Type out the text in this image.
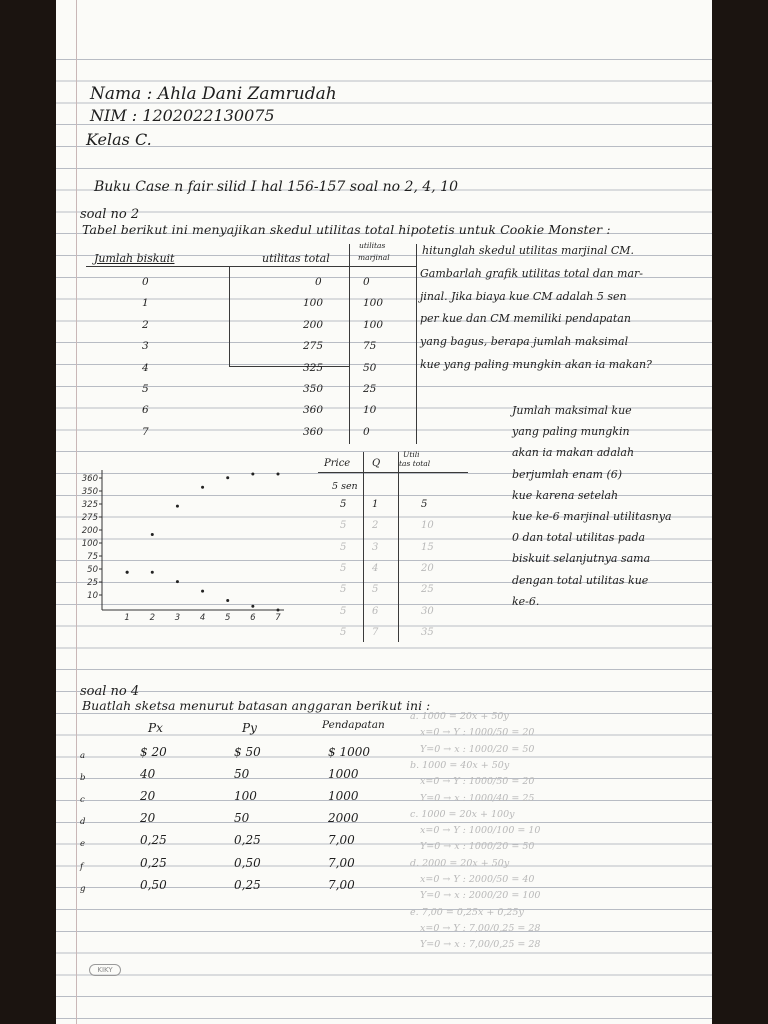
Nama : Ahla Dani Zamrudah
NIM : 1202022130075
Kelas C.
Buku Case n fair silid I hal 156-157 soal no 2, 4, 10
soal no 2
Tabel berikut ini menyajikan skedul utilitas total hipotetis untuk Cookie Monster :
Jumlah biskuit	utilitas total
utilitas
marjinal
0	0	0
1	100	100
2	200	100
3	275	75
4	325	50
5	350	25
6	360	10
7	360	0
hitunglah skedul utilitas marjinal CM.
Gambarlah grafik utilitas total dan mar-
jinal. Jika biaya kue CM adalah 5 sen
per kue dan CM memiliki pendapatan
yang bagus, berapa jumlah maksimal
kue yang paling mungkin akan ia makan?
Jumlah maksimal kue
yang paling mungkin
akan ia makan adalah
berjumlah enam (6)
kue karena setelah
kue ke-6 marjinal utilitasnya
0 dan total utilitas pada
biskuit selanjutnya sama
dengan total utilitas kue
ke-6.
Price Q
Utili
tas total
5 sen
5	1	5
5	2	10
5	3	15
5	4	20
5	5	25
5	6	30
5	7	35
360
350
325
275
200
100
75
50
25
10
1 2 3 4 5 6 7
soal no 4
Buatlah sketsa menurut batasan anggaran berikut ini :
Px	Py	Pendapatan
a	$ 20	$ 50	$ 1000
b	40	50	1000
c	20	100	1000
d	20	50	2000
e	0,25	0,25	7,00
f	0,25	0,50	7,00
g	0,50	0,25	7,00
a. 1000 = 20x + 50y
x=0 → Y : 1000/50 = 20
Y=0 → x : 1000/20 = 50
b. 1000 = 40x + 50y
x=0 → Y : 1000/50 = 20
Y=0 → x : 1000/40 = 25
c. 1000 = 20x + 100y
x=0 → Y : 1000/100 = 10
Y=0 → x : 1000/20 = 50
d. 2000 = 20x + 50y
x=0 → Y : 2000/50 = 40
Y=0 → x : 2000/20 = 100
e. 7,00 = 0,25x + 0,25y
x=0 → Y : 7,00/0,25 = 28
Y=0 → x : 7,00/0,25 = 28
KIKY
